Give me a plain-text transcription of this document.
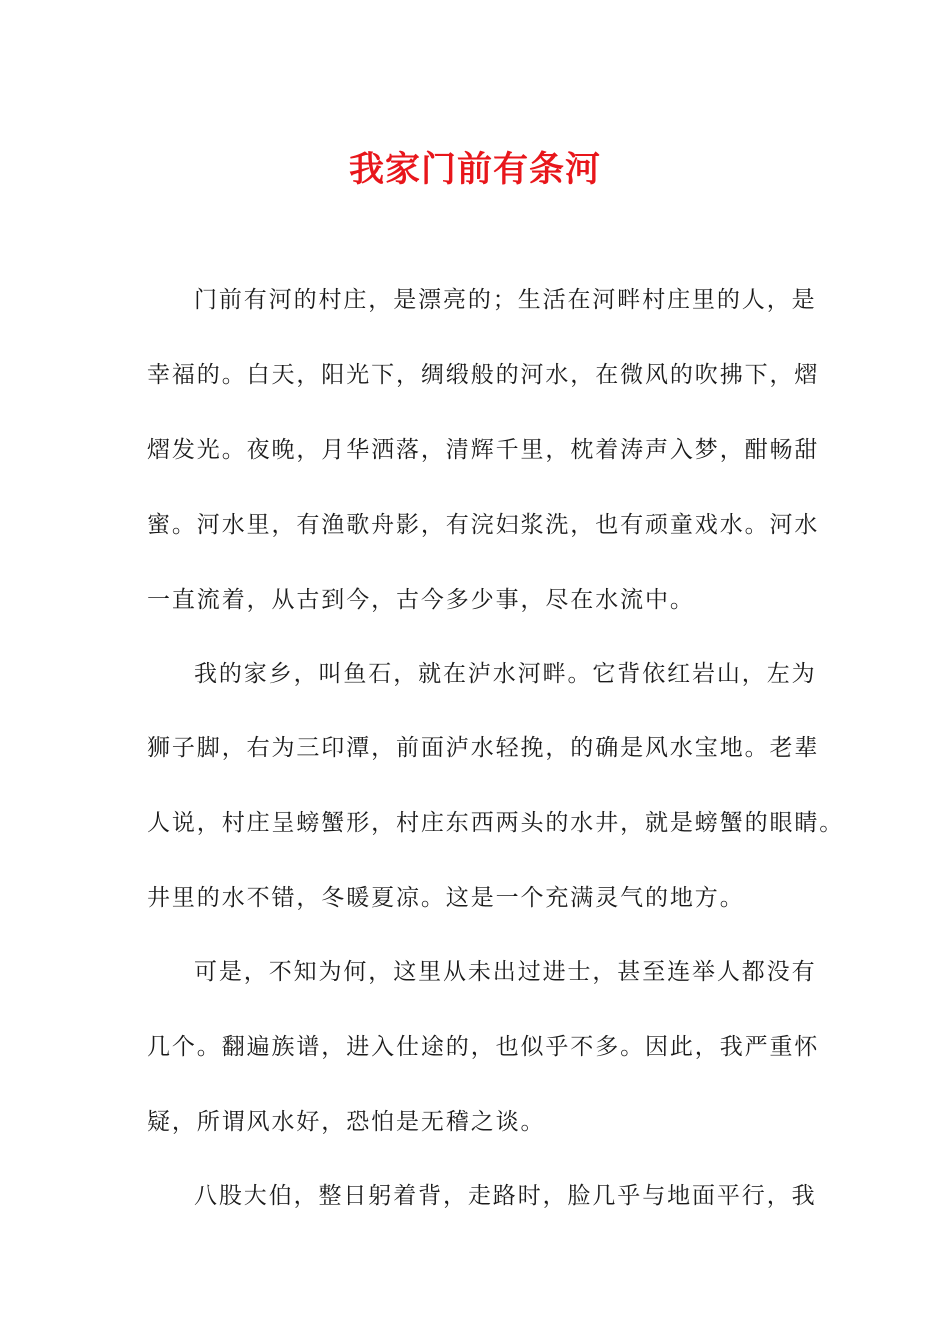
我家门前有条河
门前有河的村庄，是漂亮的；生活在河畔村庄里的人，是
幸福的。白天，阳光下，绸缎般的河水，在微风的吹拂下，熠
熠发光。夜晚，月华洒落，清辉千里，枕着涛声入梦，酣畅甜
蜜。河水里，有渔歌舟影，有浣妇浆洗，也有顽童戏水。河水
一直流着，从古到今，古今多少事，尽在水流中。
我的家乡，叫鱼石，就在泸水河畔。它背依红岩山，左为
狮子脚，右为三印潭，前面泸水轻挽，的确是风水宝地。老辈
人说，村庄呈螃蟹形，村庄东西两头的水井，就是螃蟹的眼睛。
井里的水不错，冬暖夏凉。这是一个充满灵气的地方。
可是，不知为何，这里从未出过进士，甚至连举人都没有
几个。翻遍族谱，进入仕途的，也似乎不多。因此，我严重怀
疑，所谓风水好，恐怕是无稽之谈。
八股大伯，整日躬着背，走路时，脸几乎与地面平行，我
